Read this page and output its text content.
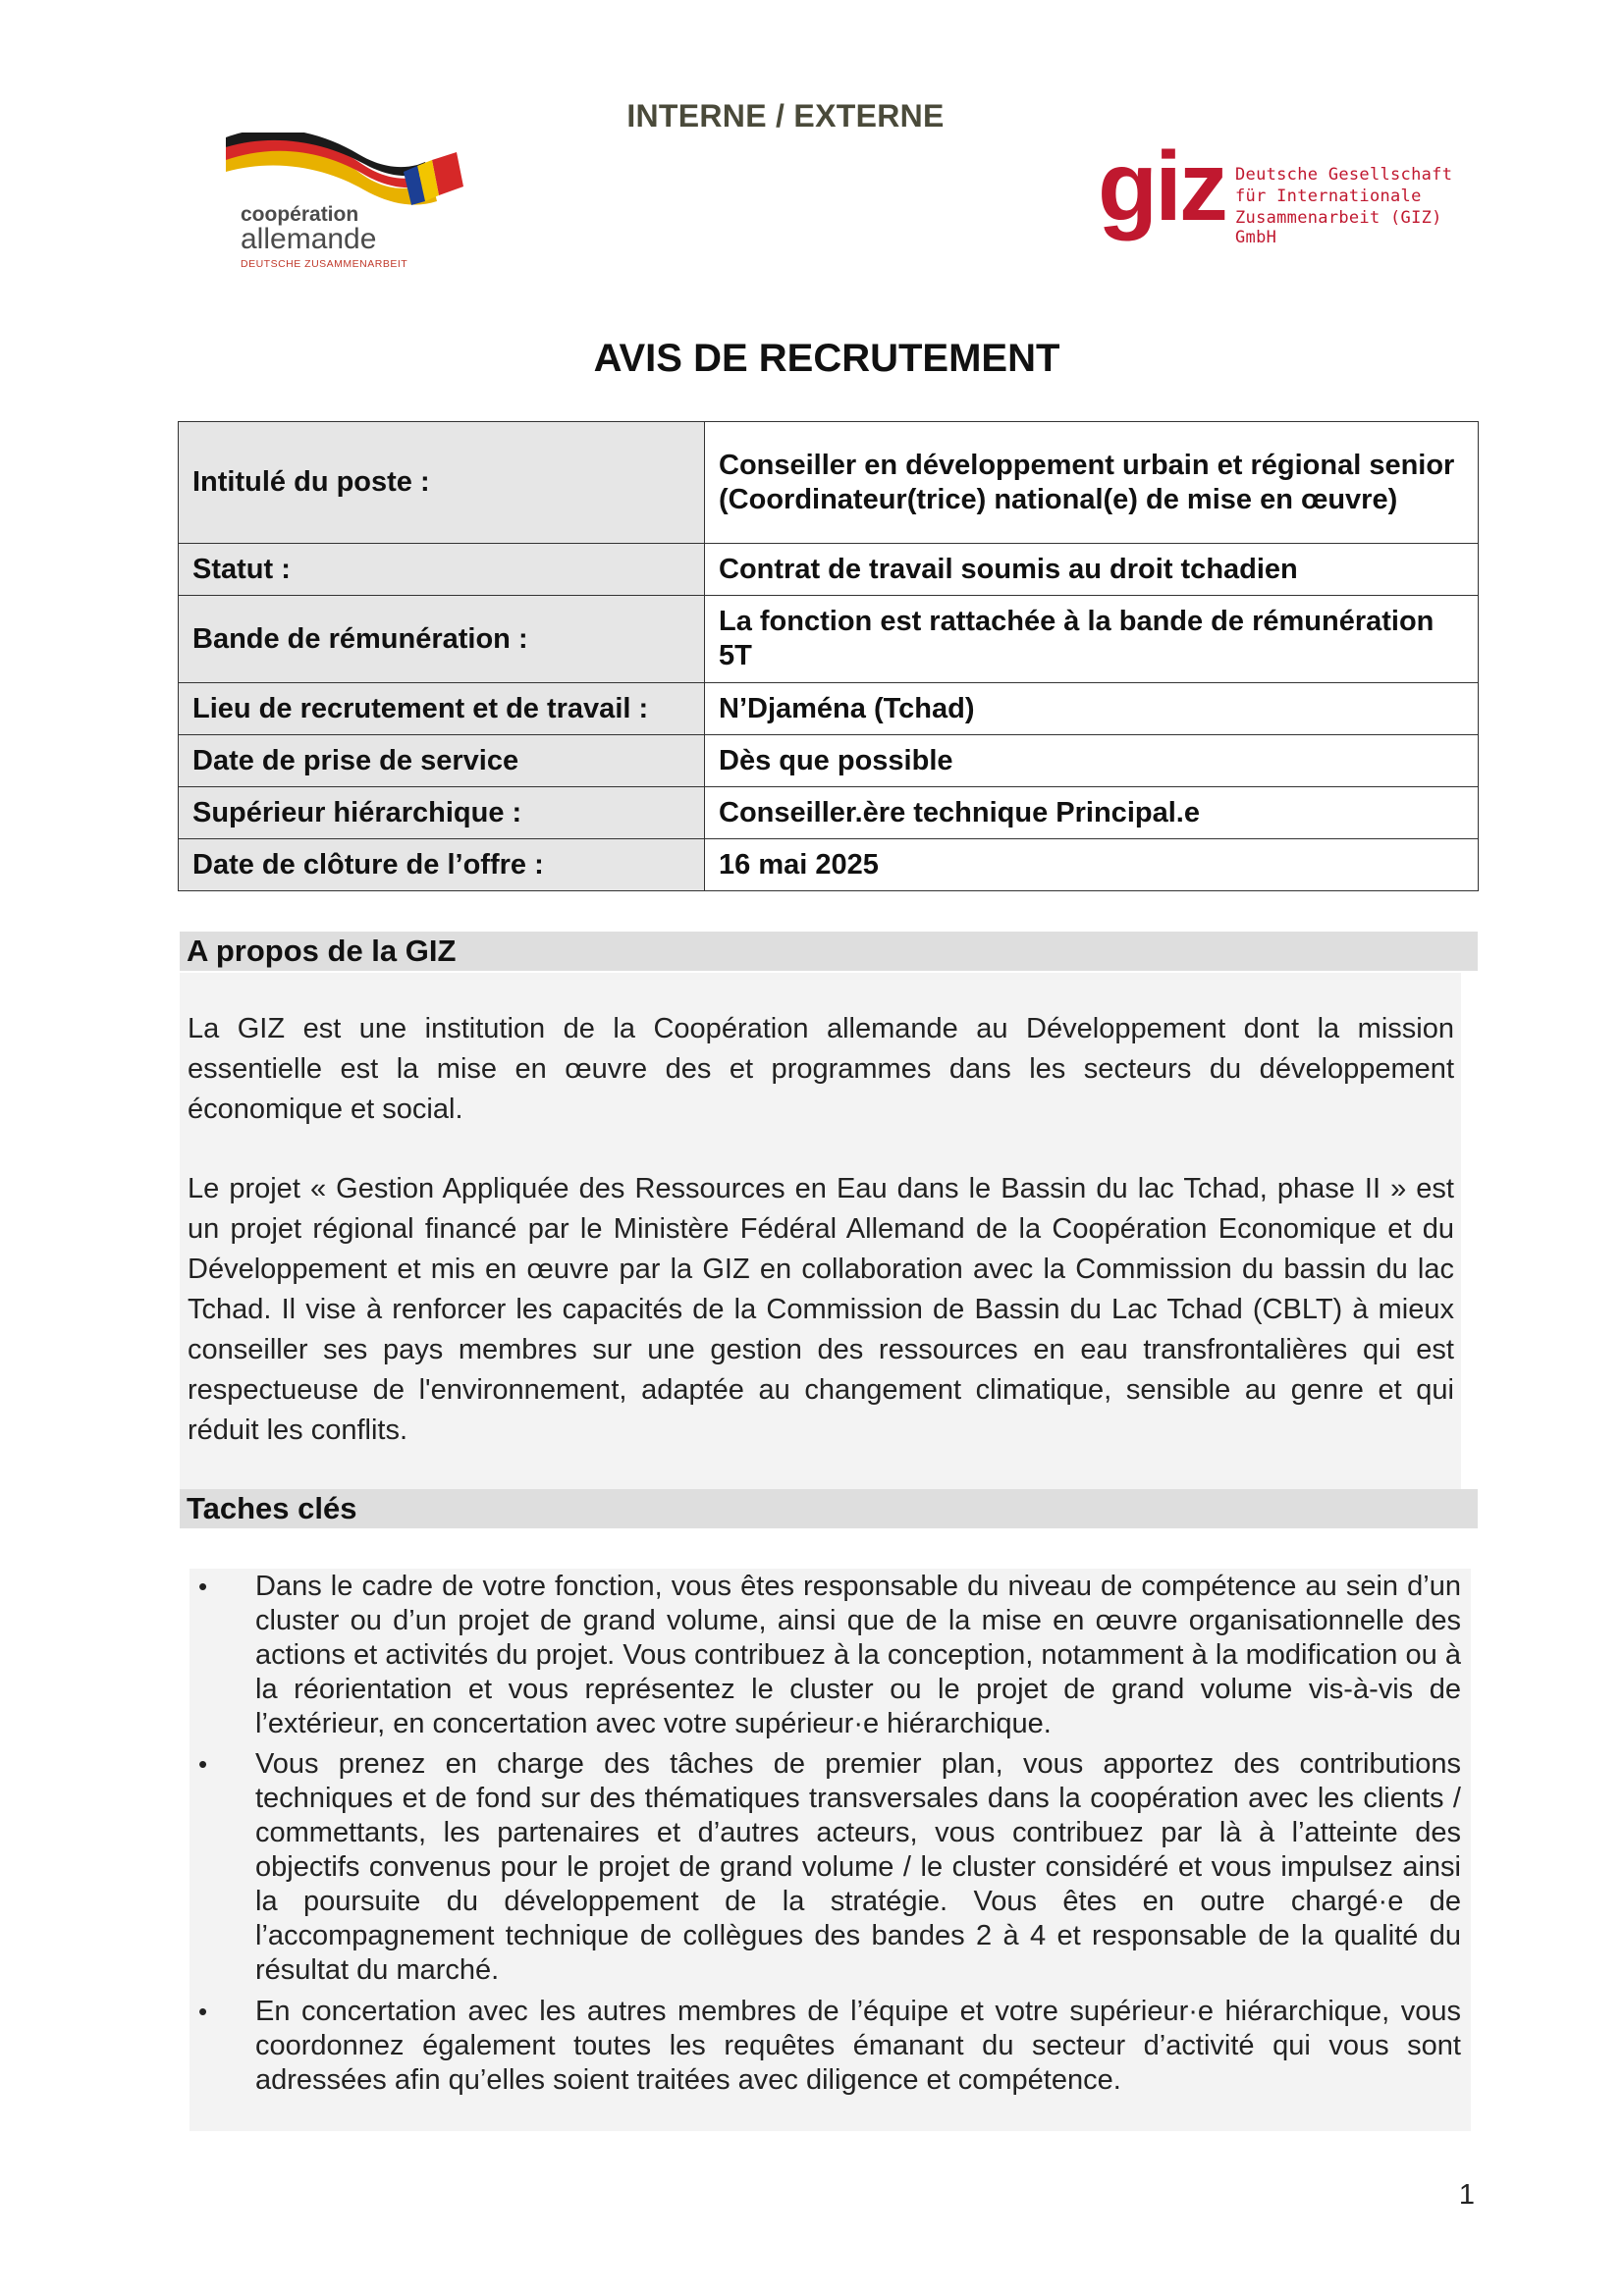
INTERNE / EXTERNE
coopération
allemande
DEUTSCHE ZUSAMMENARBEIT
giz Deutsche Gesellschaft
für Internationale
Zusammenarbeit (GIZ) GmbH
AVIS DE RECRUTEMENT
Intitulé du poste :	Conseiller en développement urbain et régional senior (Coordinateur(trice) national(e) de mise en œuvre)
Statut :	Contrat de travail soumis au droit tchadien
Bande de rémunération :	La fonction est rattachée à la bande de rémunération 5T
Lieu de recrutement et de travail :	N’Djaména (Tchad)
Date de prise de service	Dès que possible
Supérieur hiérarchique :	Conseiller.ère technique Principal.e
Date de clôture de l’offre :	16 mai 2025
A propos de la GIZ
La GIZ est une institution de la Coopération allemande au Développement dont la mission essentielle est la mise en œuvre des et programmes dans les secteurs du développement économique et social.
Le projet « Gestion Appliquée des Ressources en Eau dans le Bassin du lac Tchad, phase II » est un projet régional financé par le Ministère Fédéral Allemand de la Coopération Economique et du Développement et mis en œuvre par la GIZ en collaboration avec la Commission du bassin du lac Tchad. Il vise à renforcer les capacités de la Commission de Bassin du Lac Tchad (CBLT) à mieux conseiller ses pays membres sur une gestion des ressources en eau transfrontalières qui est respectueuse de l'environnement, adaptée au changement climatique, sensible au genre et qui réduit les conflits.
Taches clés
• Dans le cadre de votre fonction, vous êtes responsable du niveau de compétence au sein d’un cluster ou d’un projet de grand volume, ainsi que de la mise en œuvre organisationnelle des actions et activités du projet. Vous contribuez à la conception, notamment à la modification ou à la réorientation et vous représentez le cluster ou le projet de grand volume vis-à-vis de l’extérieur, en concertation avec votre supérieur·e hiérarchique.
• Vous prenez en charge des tâches de premier plan, vous apportez des contributions techniques et de fond sur des thématiques transversales dans la coopération avec les clients / commettants, les partenaires et d’autres acteurs, vous contribuez par là à l’atteinte des objectifs convenus pour le projet de grand volume / le cluster considéré et vous impulsez ainsi la poursuite du développement de la stratégie. Vous êtes en outre chargé·e de l’accompagnement technique de collègues des bandes 2 à 4 et responsable de la qualité du résultat du marché.
• En concertation avec les autres membres de l’équipe et votre supérieur·e hiérarchique, vous coordonnez également toutes les requêtes émanant du secteur d’activité qui vous sont adressées afin qu’elles soient traitées avec diligence et compétence.
1
